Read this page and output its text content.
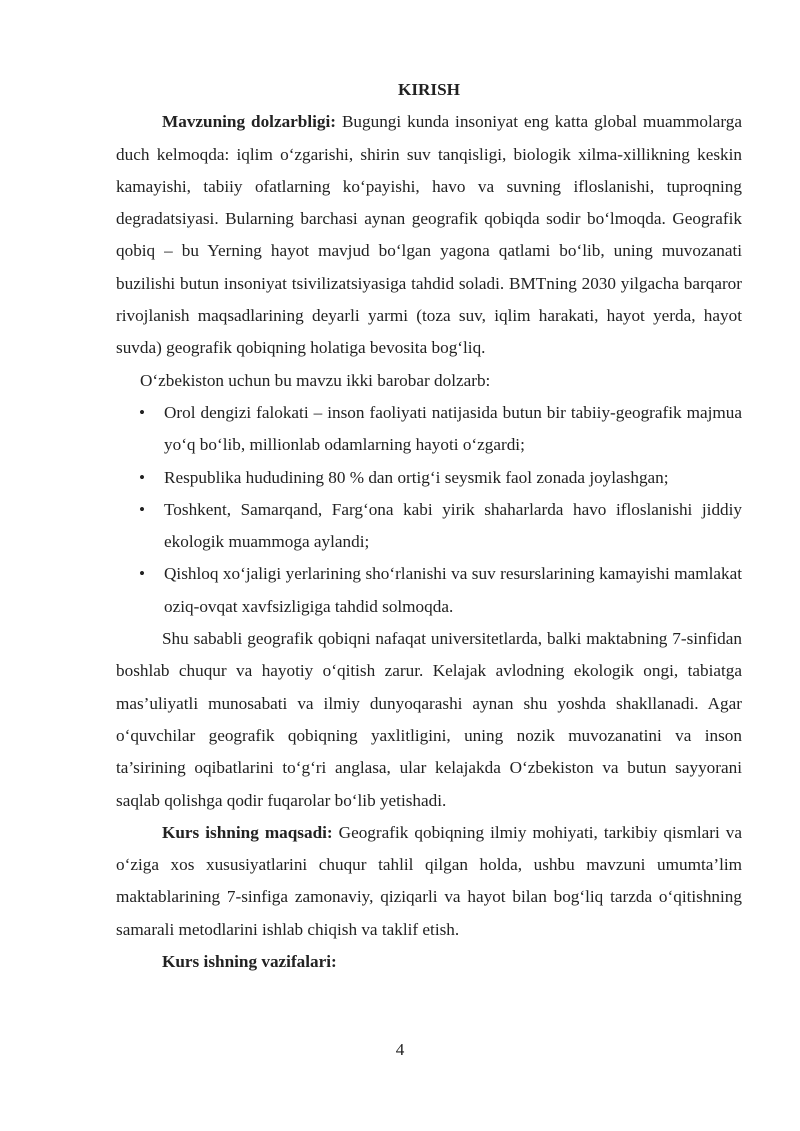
KIRISH

Mavzuning dolzarbligi: Bugungi kunda insoniyat eng katta global muammolarga duch kelmoqda: iqlim o‘zgarishi, shirin suv tanqisligi, biologik xilma-xillikning keskin kamayishi, tabiiy ofatlarning ko‘payishi, havo va suvning ifloslanishi, tuproqning degradatsiyasi. Bularning barchasi aynan geografik qobiqda sodir bo‘lmoqda. Geografik qobiq – bu Yerning hayot mavjud bo‘lgan yagona qatlami bo‘lib, uning muvozanati buzilishi butun insoniyat tsivilizatsiyasiga tahdid soladi. BMTning 2030 yilgacha barqaror rivojlanish maqsadlarining deyarli yarmi (toza suv, iqlim harakati, hayot yerda, hayot suvda) geografik qobiqning holatiga bevosita bog‘liq.

O‘zbekiston uchun bu mavzu ikki barobar dolzarb:

• Orol dengizi falokati – inson faoliyati natijasida butun bir tabiiy-geografik majmua yo‘q bo‘lib, millionlab odamlarning hayoti o‘zgardi;
• Respublika hududining 80 % dan ortig‘i seysmik faol zonada joylashgan;
• Toshkent, Samarqand, Farg‘ona kabi yirik shaharlarda havo ifloslanishi jiddiy ekologik muammoga aylandi;
• Qishloq xo‘jaligi yerlarining sho‘rlanishi va suv resurslarining kamayishi mamlakat oziq-ovqat xavfsizligiga tahdid solmoqda.

Shu sababli geografik qobiqni nafaqat universitetlarda, balki maktabning 7-sinfidan boshlab chuqur va hayotiy o‘qitish zarur. Kelajak avlodning ekologik ongi, tabiatga mas’uliyatli munosabati va ilmiy dunyoqarashi aynan shu yoshda shakllanadi. Agar o‘quvchilar geografik qobiqning yaxlitligini, uning nozik muvozanatini va inson ta’sirining oqibatlarini to‘g‘ri anglasa, ular kelajakda O‘zbekiston va butun sayyorani saqlab qolishga qodir fuqarolar bo‘lib yetishadi.

Kurs ishning maqsadi: Geografik qobiqning ilmiy mohiyati, tarkibiy qismlari va o‘ziga xos xususiyatlarini chuqur tahlil qilgan holda, ushbu mavzuni umumta’lim maktablarining 7-sinfiga zamonaviy, qiziqarli va hayot bilan bog‘liq tarzda o‘qitishning samarali metodlarini ishlab chiqish va taklif etish.

Kurs ishning vazifalari:

4
